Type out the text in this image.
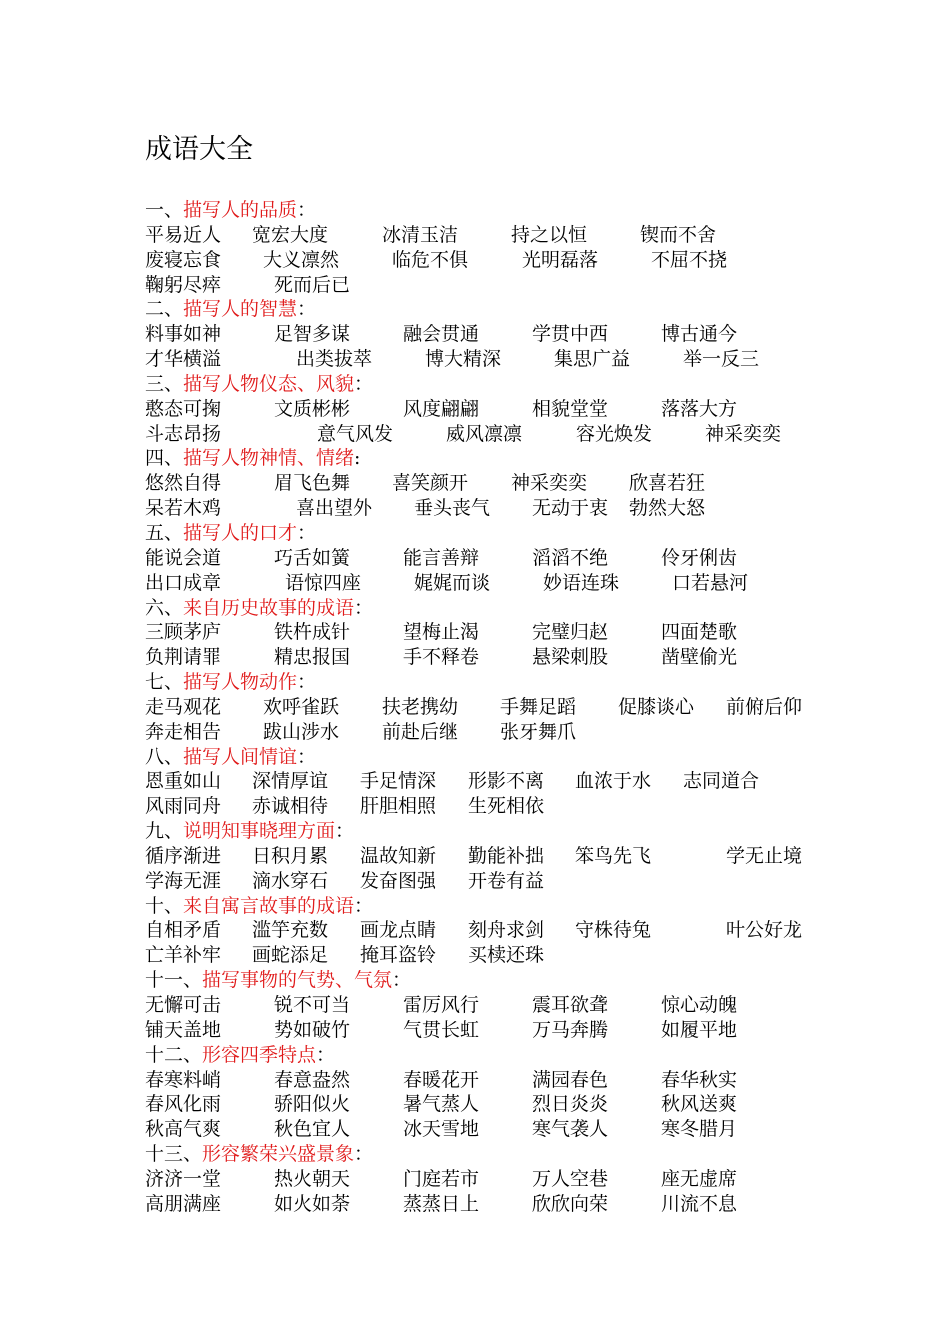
成语大全
一、描写人的品质：
平易近人 宽宏大度	冰清玉洁	持之以恒	锲而不舍
废寝忘食 大义凛然	临危不俱	光明磊落	不屈不挠
鞠躬尽瘁	死而后已
二、描写人的智慧：
料事如神	足智多谋	融会贯通	学贯中西	博古通今
才华横溢	出类拔萃	博大精深	集思广益	举一反三
三、描写人物仪态、风貌：
憨态可掬	文质彬彬	风度翩翩	相貌堂堂	落落大方
斗志昂扬	意气风发	威风凛凛	容光焕发	神采奕奕
四、描写人物神情、情绪:
悠然自得	眉飞色舞 喜笑颜开 神采奕奕 欣喜若狂
呆若木鸡	喜出望外 垂头丧气 无动于衷 勃然大怒
五、描写人的口才：
能说会道	巧舌如簧	能言善辩	滔滔不绝	伶牙俐齿
出口成章	语惊四座	娓娓而谈	妙语连珠	口若悬河
六、来自历史故事的成语：
三顾茅庐	铁杵成针	望梅止渴	完璧归赵	四面楚歌
负荆请罪	精忠报国	手不释卷	悬梁刺股	凿壁偷光
七、描写人物动作：
走马观花 欢呼雀跃 扶老携幼 手舞足蹈 促膝谈心 前俯后仰
奔走相告 跋山涉水 前赴后继 张牙舞爪
八、描写人间情谊：
恩重如山 深情厚谊 手足情深 形影不离 血浓于水 志同道合
风雨同舟 赤诚相待 肝胆相照 生死相依
九、说明知事晓理方面：
循序渐进 日积月累 温故知新 勤能补拙 笨鸟先飞	学无止境
学海无涯 滴水穿石 发奋图强 开卷有益
十、来自寓言故事的成语：
自相矛盾 滥竽充数 画龙点睛 刻舟求剑 守株待兔	叶公好龙
亡羊补牢 画蛇添足 掩耳盗铃 买椟还珠
十一、描写事物的气势、气氛：
无懈可击	锐不可当	雷厉风行	震耳欲聋	惊心动魄
铺天盖地	势如破竹	气贯长虹	万马奔腾	如履平地
十二、形容四季特点：
春寒料峭	春意盎然	春暖花开	满园春色	春华秋实
春风化雨	骄阳似火	暑气蒸人	烈日炎炎	秋风送爽
秋高气爽	秋色宜人	冰天雪地	寒气袭人	寒冬腊月
十三、形容繁荣兴盛景象：
济济一堂	热火朝天	门庭若市	万人空巷	座无虚席
高朋满座	如火如荼	蒸蒸日上	欣欣向荣	川流不息
